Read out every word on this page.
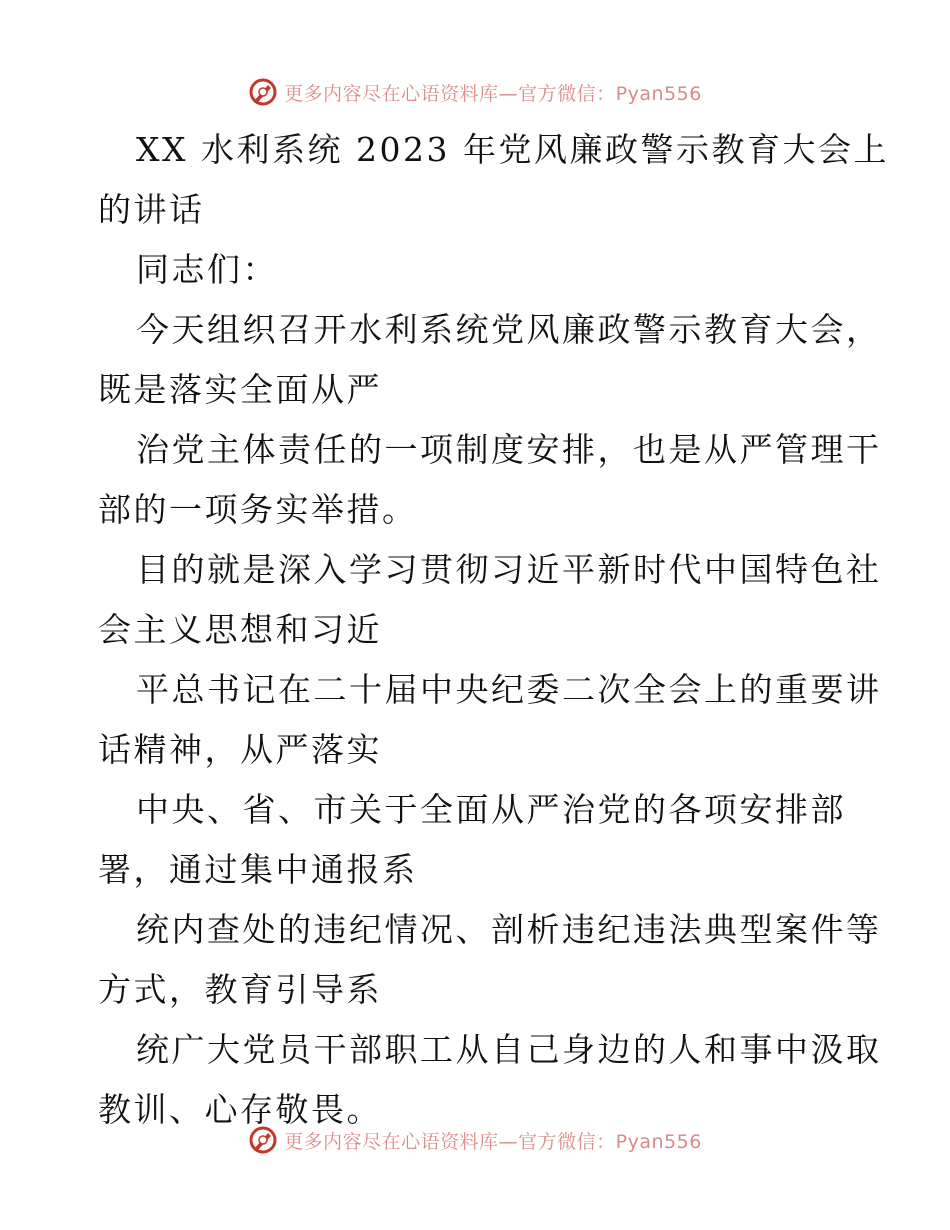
更多内容尽在心语资料库—官方微信：Pyan556
XX 水利系统 2023 年党风廉政警示教育大会上
的讲话
同志们：
今天组织召开水利系统党风廉政警示教育大会，
既是落实全面从严
治党主体责任的一项制度安排，也是从严管理干
部的一项务实举措。
目的就是深入学习贯彻习近平新时代中国特色社
会主义思想和习近
平总书记在二十届中央纪委二次全会上的重要讲
话精神，从严落实
中央、省、市关于全面从严治党的各项安排部
署，通过集中通报系
统内查处的违纪情况、剖析违纪违法典型案件等
方式，教育引导系
统广大党员干部职工从自己身边的人和事中汲取
教训、心存敬畏。
更多内容尽在心语资料库—官方微信：Pyan556
